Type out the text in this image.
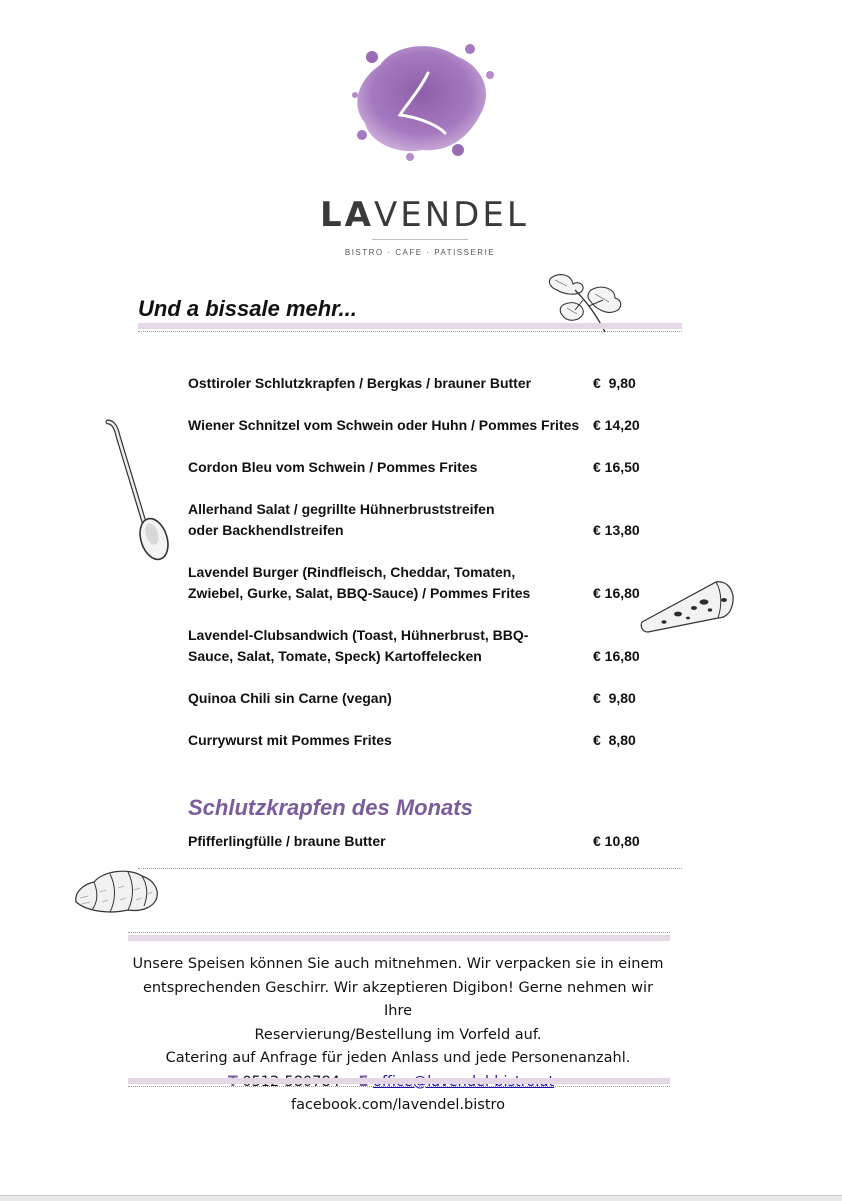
LAVENDEL
BISTRO · CAFE · PATISSERIE
Und a bissale mehr...
Osttiroler Schlutzkrapfen / Bergkas / brauner Butter	€  9,80
Wiener Schnitzel vom Schwein oder Huhn / Pommes Frites € 14,20
Cordon Bleu vom Schwein / Pommes Frites	€ 16,50
Allerhand Salat / gegrillte Hühnerbruststreifen oder Backhendlstreifen	€ 13,80
Lavendel Burger (Rindfleisch, Cheddar, Tomaten, Zwiebel, Gurke, Salat, BBQ-Sauce) / Pommes Frites	€ 16,80
Lavendel-Clubsandwich (Toast, Hühnerbrust, BBQ-Sauce, Salat, Tomate, Speck) Kartoffelecken	€ 16,80
Quinoa Chili sin Carne (vegan)	€  9,80
Currywurst mit Pommes Frites	€  8,80
Schlutzkrapfen des Monats
Pfifferlingfülle / braune Butter	€ 10,80

Unsere Speisen können Sie auch mitnehmen. Wir verpacken sie in einem

entsprechenden Geschirr. Wir akzeptieren Digibon! Gerne nehmen wir Ihre

Reservierung/Bestellung im Vorfeld auf.

Catering auf Anfrage für jeden Anlass und jede Personenanzahl.

facebook.com/lavendel.bistro
